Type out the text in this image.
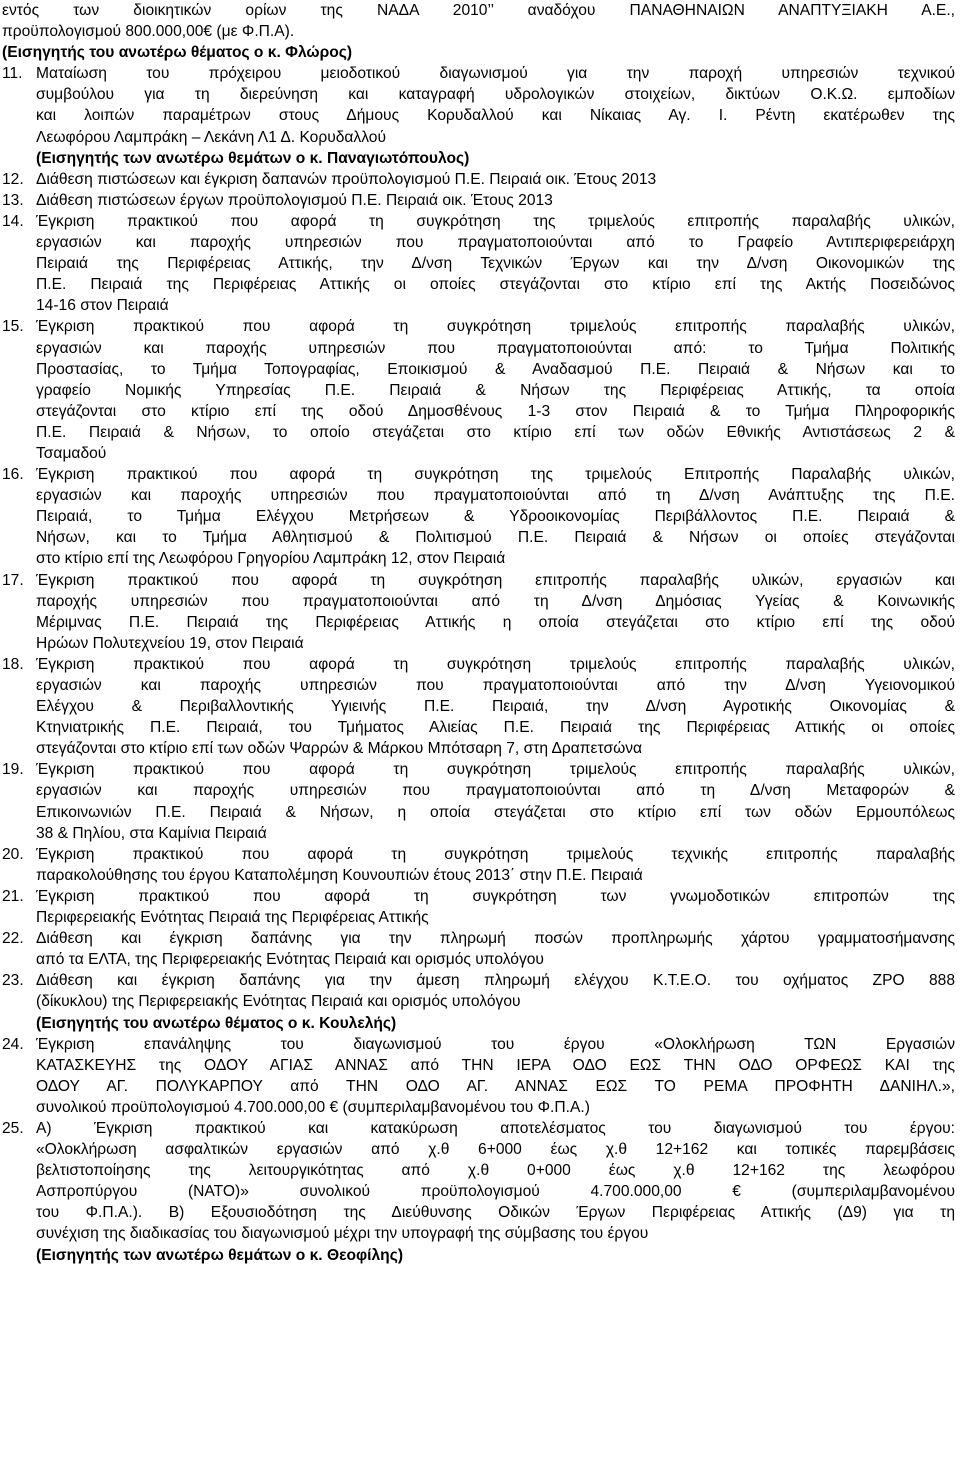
εντός των διοικητικών ορίων της ΝΑΔΑ 2010’’ αναδόχου ΠΑΝΑΘΗΝΑΙΩΝ ΑΝΑΠΤΥΞΙΑΚΗ Α.Ε.,
προϋπολογισμού 800.000,00€ (με Φ.Π.Α).
(Εισηγητής του ανωτέρω θέματος ο κ. Φλώρος)
11. Ματαίωση του πρόχειρου μειοδοτικού διαγωνισμού για την παροχή υπηρεσιών τεχνικού
συμβούλου για τη διερεύνηση και καταγραφή υδρολογικών στοιχείων, δικτύων Ο.Κ.Ω. εμποδίων
και λοιπών παραμέτρων στους Δήμους Κορυδαλλού και Νίκαιας Αγ. Ι. Ρέντη εκατέρωθεν της
Λεωφόρου Λαμπράκη – Λεκάνη Λ1 Δ. Κορυδαλλού
(Εισηγητής των ανωτέρω θεμάτων ο κ. Παναγιωτόπουλος)
12. Διάθεση πιστώσεων και έγκριση δαπανών προϋπολογισμού Π.Ε. Πειραιά οικ. Έτους 2013
13. Διάθεση πιστώσεων έργων προϋπολογισμού Π.Ε. Πειραιά οικ. Έτους 2013
14. Έγκριση πρακτικού που αφορά τη συγκρότηση της τριμελούς επιτροπής παραλαβής υλικών,
εργασιών και παροχής υπηρεσιών που πραγματοποιούνται από το Γραφείο Αντιπεριφερειάρχη
Πειραιά της Περιφέρειας Αττικής, την Δ/νση Τεχνικών Έργων και την Δ/νση Οικονομικών της
Π.Ε. Πειραιά της Περιφέρειας Αττικής οι οποίες στεγάζονται στο κτίριο επί της Ακτής Ποσειδώνος
14-16 στον Πειραιά
15. Έγκριση πρακτικού που αφορά τη συγκρότηση τριμελούς επιτροπής παραλαβής υλικών,
εργασιών και παροχής υπηρεσιών που πραγματοποιούνται από: το Τμήμα Πολιτικής
Προστασίας, το Τμήμα Τοπογραφίας, Εποικισμού & Αναδασμού Π.Ε. Πειραιά & Νήσων και το
γραφείο Νομικής Υπηρεσίας Π.Ε. Πειραιά & Νήσων της Περιφέρειας Αττικής, τα οποία
στεγάζονται στο κτίριο επί της οδού Δημοσθένους 1-3 στον Πειραιά & το Τμήμα Πληροφορικής
Π.Ε. Πειραιά & Νήσων, το οποίο στεγάζεται στο κτίριο επί των οδών Εθνικής Αντιστάσεως 2 &
Τσαμαδού
16. Έγκριση πρακτικού που αφορά τη συγκρότηση της τριμελούς Επιτροπής Παραλαβής υλικών,
εργασιών και παροχής υπηρεσιών που πραγματοποιούνται από τη Δ/νση Ανάπτυξης της Π.Ε.
Πειραιά, το Τμήμα Ελέγχου Μετρήσεων & Υδροοικονομίας Περιβάλλοντος Π.Ε. Πειραιά &
Νήσων, και το Τμήμα Αθλητισμού & Πολιτισμού Π.Ε. Πειραιά & Νήσων οι οποίες στεγάζονται
στο κτίριο επί της Λεωφόρου Γρηγορίου Λαμπράκη 12, στον Πειραιά
17. Έγκριση πρακτικού που αφορά τη συγκρότηση επιτροπής παραλαβής υλικών, εργασιών και
παροχής υπηρεσιών που πραγματοποιούνται από τη Δ/νση Δημόσιας Υγείας & Κοινωνικής
Μέριμνας Π.Ε. Πειραιά της Περιφέρειας Αττικής η οποία στεγάζεται στο κτίριο επί της οδού
Ηρώων Πολυτεχνείου 19, στον Πειραιά
18. Έγκριση πρακτικού που αφορά τη συγκρότηση τριμελούς επιτροπής παραλαβής υλικών,
εργασιών και παροχής υπηρεσιών που πραγματοποιούνται από την Δ/νση Υγειονομικού
Ελέγχου & Περιβαλλοντικής Υγιεινής Π.Ε. Πειραιά, την Δ/νση Αγροτικής Οικονομίας &
Κτηνιατρικής Π.Ε. Πειραιά, του Τμήματος Αλιείας Π.Ε. Πειραιά της Περιφέρειας Αττικής οι οποίες
στεγάζονται στο κτίριο επί των οδών Ψαρρών & Μάρκου Μπότσαρη 7, στη Δραπετσώνα
19. Έγκριση πρακτικού που αφορά τη συγκρότηση τριμελούς επιτροπής παραλαβής υλικών,
εργασιών και παροχής υπηρεσιών που πραγματοποιούνται από τη Δ/νση Μεταφορών &
Επικοινωνιών Π.Ε. Πειραιά & Νήσων, η οποία στεγάζεται στο κτίριο επί των οδών Ερμουπόλεως
38 & Πηλίου, στα Καμίνια Πειραιά
20. Έγκριση πρακτικού που αφορά τη συγκρότηση τριμελούς τεχνικής επιτροπής παραλαβής
παρακολούθησης του έργου Καταπολέμηση Κουνουπιών έτους 2013΄ στην Π.Ε. Πειραιά
21. Έγκριση πρακτικού που αφορά τη συγκρότηση των γνωμοδοτικών επιτροπών της
Περιφερειακής Ενότητας Πειραιά της Περιφέρειας Αττικής
22. Διάθεση και έγκριση δαπάνης για την πληρωμή ποσών προπληρωμής χάρτου γραμματοσήμανσης
από τα ΕΛΤΑ, της Περιφερειακής Ενότητας Πειραιά και ορισμός υπολόγου
23. Διάθεση και έγκριση δαπάνης για την άμεση πληρωμή ελέγχου Κ.Τ.Ε.Ο. του οχήματος ΖΡΟ 888
(δίκυκλου) της Περιφερειακής Ενότητας Πειραιά και ορισμός υπολόγου
(Εισηγητής του ανωτέρω θέματος ο κ. Κουλελής)
24. Έγκριση επανάληψης του διαγωνισμού του έργου «Ολοκλήρωση ΤΩΝ Εργασιών
ΚΑΤΑΣΚΕΥΗΣ της ΟΔΟΥ ΑΓΙΑΣ ΑΝΝΑΣ από ΤΗΝ ΙΕΡΑ ΟΔΟ ΕΩΣ ΤΗΝ ΟΔΟ ΟΡΦΕΩΣ ΚΑΙ της
ΟΔΟΥ ΑΓ. ΠΟΛΥΚΑΡΠΟΥ από ΤΗΝ ΟΔΟ ΑΓ. ΑΝΝΑΣ ΕΩΣ ΤΟ ΡΕΜΑ ΠΡΟΦΗΤΗ ΔΑΝΙΗΛ.»,
συνολικού προϋπολογισμού 4.700.000,00 € (συμπεριλαμβανομένου του Φ.Π.Α.)
25. Α) Έγκριση πρακτικού και κατακύρωση αποτελέσματος του διαγωνισμού του έργου:
«Ολοκλήρωση ασφαλτικών εργασιών από χ.θ 6+000 έως χ.θ 12+162 και τοπικές παρεμβάσεις
βελτιστοποίησης της λειτουργικότητας από χ.θ 0+000 έως χ.θ 12+162 της λεωφόρου
Ασπροπύργου (ΝΑΤΟ)» συνολικού προϋπολογισμού 4.700.000,00 € (συμπεριλαμβανομένου
του Φ.Π.Α.). Β) Εξουσιοδότηση της Διεύθυνσης Οδικών Έργων Περιφέρειας Αττικής (Δ9) για τη
συνέχιση της διαδικασίας του διαγωνισμού μέχρι την υπογραφή της σύμβασης του έργου
(Εισηγητής των ανωτέρω θεμάτων ο κ. Θεοφίλης)
